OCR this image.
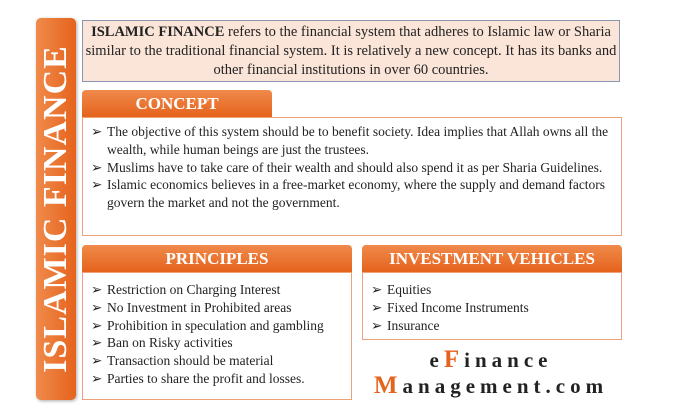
ISLAMIC FINANCE
ISLAMIC FINANCE refers to the financial system that adheres to Islamic law or Sharia similar to the traditional financial system. It is relatively a new concept. It has its banks and other financial institutions in over 60 countries.
CONCEPT
➢ The objective of this system should be to benefit society. Idea implies that Allah owns all the wealth, while human beings are just the trustees.
➢ Muslims have to take care of their wealth and should also spend it as per Sharia Guidelines.
➢ Islamic economics believes in a free-market economy, where the supply and demand factors govern the market and not the government.
PRINCIPLES
➢ Restriction on Charging Interest
➢ No Investment in Prohibited areas
➢ Prohibition in speculation and gambling
➢ Ban on Risky activities
➢ Transaction should be material
➢ Parties to share the profit and losses.
INVESTMENT VEHICLES
➢ Equities
➢ Fixed Income Instruments
➢ Insurance
eFinance
Management.com
